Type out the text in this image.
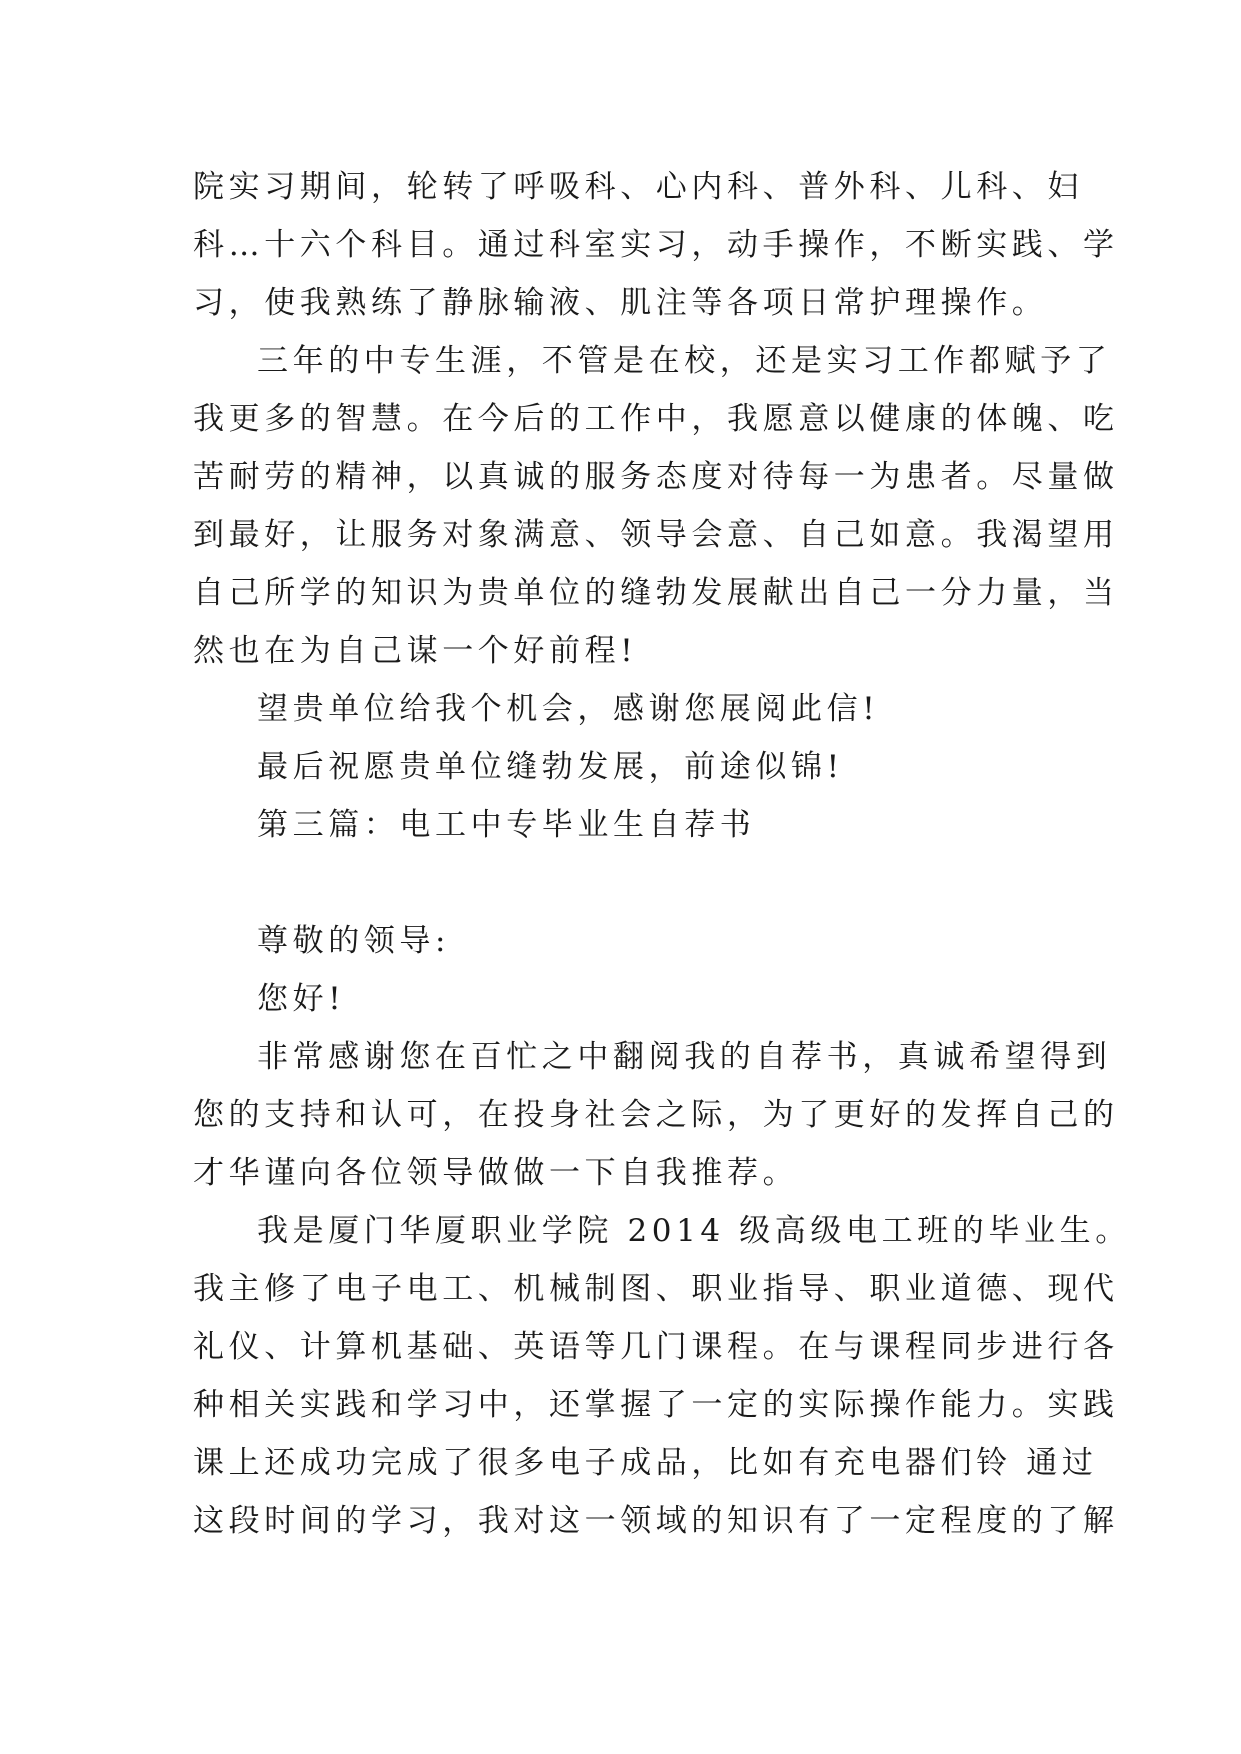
院实习期间，轮转了呼吸科、心内科、普外科、儿科、妇
科…十六个科目。通过科室实习，动手操作，不断实践、学
习，使我熟练了静脉输液、肌注等各项日常护理操作。
三年的中专生涯，不管是在校，还是实习工作都赋予了
我更多的智慧。在今后的工作中，我愿意以健康的体魄、吃
苦耐劳的精神，以真诚的服务态度对待每一为患者。尽量做
到最好，让服务对象满意、领导会意、自己如意。我渴望用
自己所学的知识为贵单位的缝勃发展献出自己一分力量，当
然也在为自己谋一个好前程!
望贵单位给我个机会，感谢您展阅此信!
最后祝愿贵单位缝勃发展，前途似锦!
第三篇：电工中专毕业生自荐书
尊敬的领导:
您好!
非常感谢您在百忙之中翻阅我的自荐书，真诚希望得到
您的支持和认可，在投身社会之际，为了更好的发挥自己的
才华谨向各位领导做做一下自我推荐。
我是厦门华厦职业学院 2014 级高级电工班的毕业生。
我主修了电子电工、机械制图、职业指导、职业道德、现代
礼仪、计算机基础、英语等几门课程。在与课程同步进行各
种相关实践和学习中，还掌握了一定的实际操作能力。实践
课上还成功完成了很多电子成品，比如有充电器们铃 通过
这段时间的学习，我对这一领域的知识有了一定程度的了解
